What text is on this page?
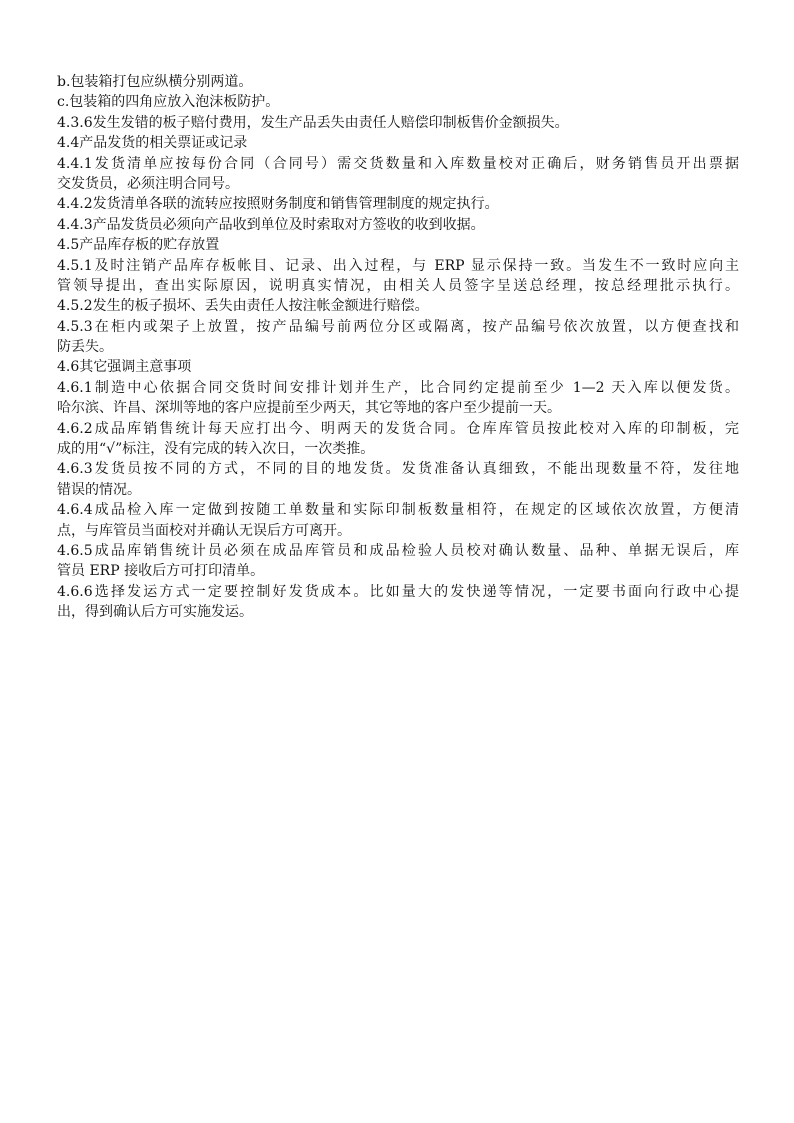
b.包装箱打包应纵横分别两道。
c.包装箱的四角应放入泡沫板防护。
4.3.6发生发错的板子赔付费用，发生产品丢失由责任人赔偿印制板售价金额损失。
4.4产品发货的相关票证或记录
4.4.1发货清单应按每份合同（合同号）需交货数量和入库数量校对正确后，财务销售员开出票据
交发货员，必须注明合同号。
4.4.2发货清单各联的流转应按照财务制度和销售管理制度的规定执行。
4.4.3产品发货员必须向产品收到单位及时索取对方签收的收到收据。
4.5产品库存板的贮存放置
4.5.1及时注销产品库存板帐目、记录、出入过程，与 ERP 显示保持一致。当发生不一致时应向主
管领导提出，查出实际原因，说明真实情况，由相关人员签字呈送总经理，按总经理批示执行。
4.5.2发生的板子损坏、丢失由责任人按注帐金额进行赔偿。
4.5.3在柜内或架子上放置，按产品编号前两位分区或隔离，按产品编号依次放置，以方便查找和
防丢失。
4.6其它强调主意事项
4.6.1制造中心依据合同交货时间安排计划并生产，比合同约定提前至少 1—2 天入库以便发货。
哈尔滨、许昌、深圳等地的客户应提前至少两天，其它等地的客户至少提前一天。
4.6.2成品库销售统计每天应打出今、明两天的发货合同。仓库库管员按此校对入库的印制板，完
成的用“√”标注，没有完成的转入次日，一次类推。
4.6.3发货员按不同的方式，不同的目的地发货。发货准备认真细致，不能出现数量不符，发往地
错误的情况。
4.6.4成品检入库一定做到按随工单数量和实际印制板数量相符，在规定的区域依次放置，方便清
点，与库管员当面校对并确认无误后方可离开。
4.6.5成品库销售统计员必须在成品库管员和成品检验人员校对确认数量、品种、单据无误后，库
管员 ERP 接收后方可打印清单。
4.6.6选择发运方式一定要控制好发货成本。比如量大的发快递等情况，一定要书面向行政中心提
出，得到确认后方可实施发运。
